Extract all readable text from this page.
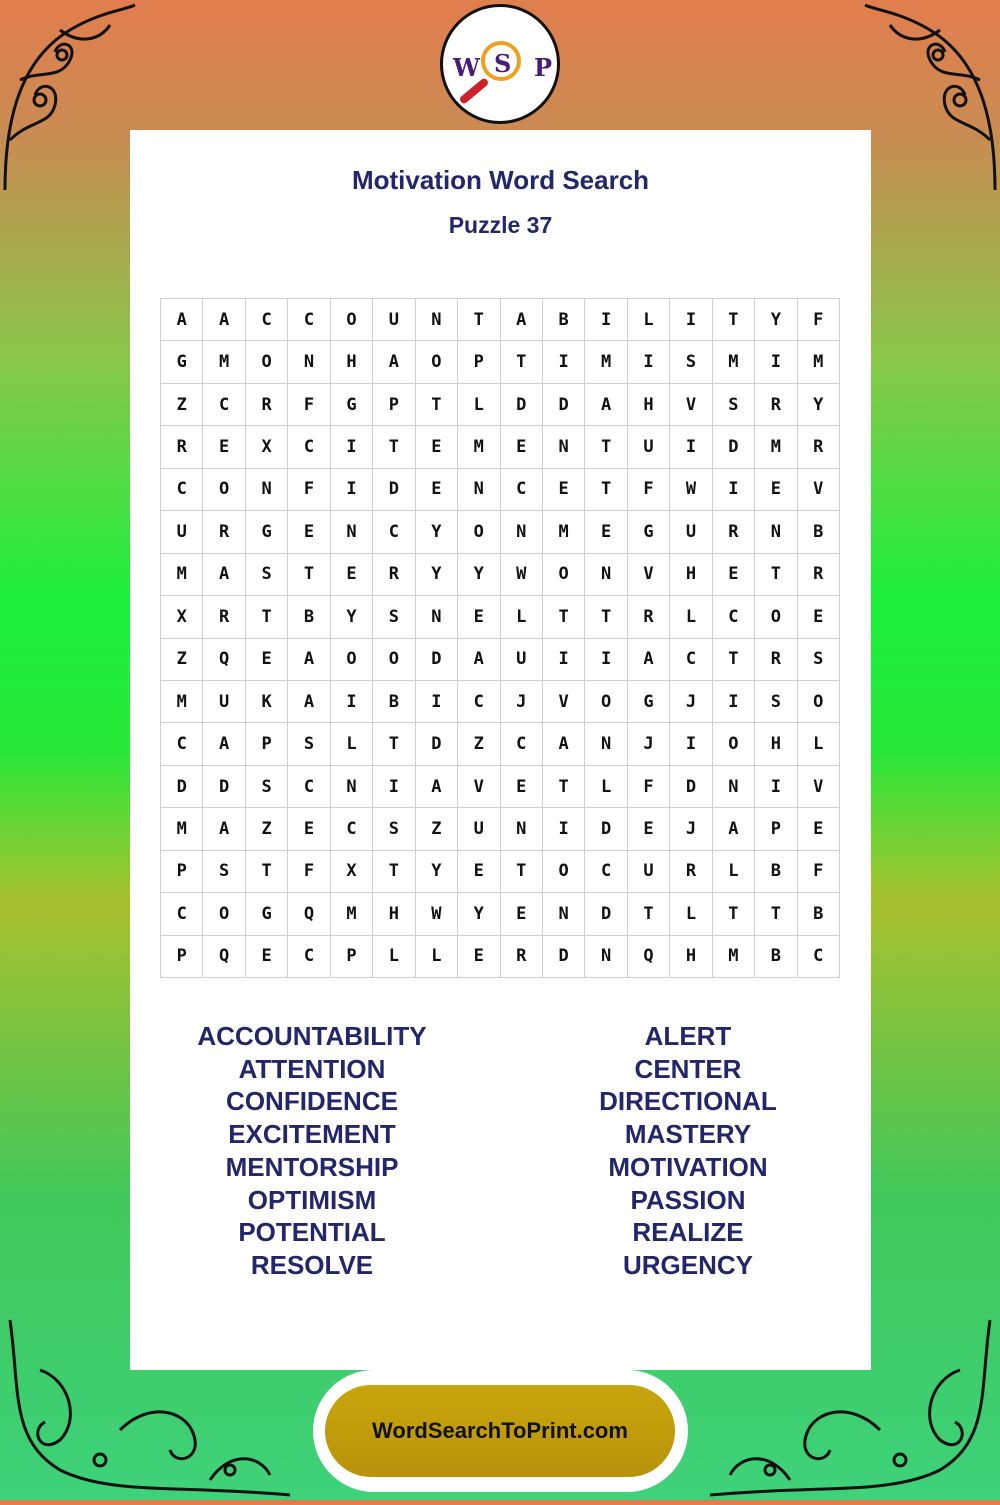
W S P
Motivation Word Search
Puzzle 37
A	A	C	C	O	U	N	T	A	B	I	L	I	T	Y	F
G	M	O	N	H	A	O	P	T	I	M	I	S	M	I	M
Z	C	R	F	G	P	T	L	D	D	A	H	V	S	R	Y
R	E	X	C	I	T	E	M	E	N	T	U	I	D	M	R
C	O	N	F	I	D	E	N	C	E	T	F	W	I	E	V
U	R	G	E	N	C	Y	O	N	M	E	G	U	R	N	B
M	A	S	T	E	R	Y	Y	W	O	N	V	H	E	T	R
X	R	T	B	Y	S	N	E	L	T	T	R	L	C	O	E
Z	Q	E	A	O	O	D	A	U	I	I	A	C	T	R	S
M	U	K	A	I	B	I	C	J	V	O	G	J	I	S	O
C	A	P	S	L	T	D	Z	C	A	N	J	I	O	H	L
D	D	S	C	N	I	A	V	E	T	L	F	D	N	I	V
M	A	Z	E	C	S	Z	U	N	I	D	E	J	A	P	E
P	S	T	F	X	T	Y	E	T	O	C	U	R	L	B	F
C	O	G	Q	M	H	W	Y	E	N	D	T	L	T	T	B
P	Q	E	C	P	L	L	E	R	D	N	Q	H	M	B	C
ACCOUNTABILITY
ATTENTION
CONFIDENCE
EXCITEMENT
MENTORSHIP
OPTIMISM
POTENTIAL
RESOLVE
ALERT
CENTER
DIRECTIONAL
MASTERY
MOTIVATION
PASSION
REALIZE
URGENCY
WordSearchToPrint.com
